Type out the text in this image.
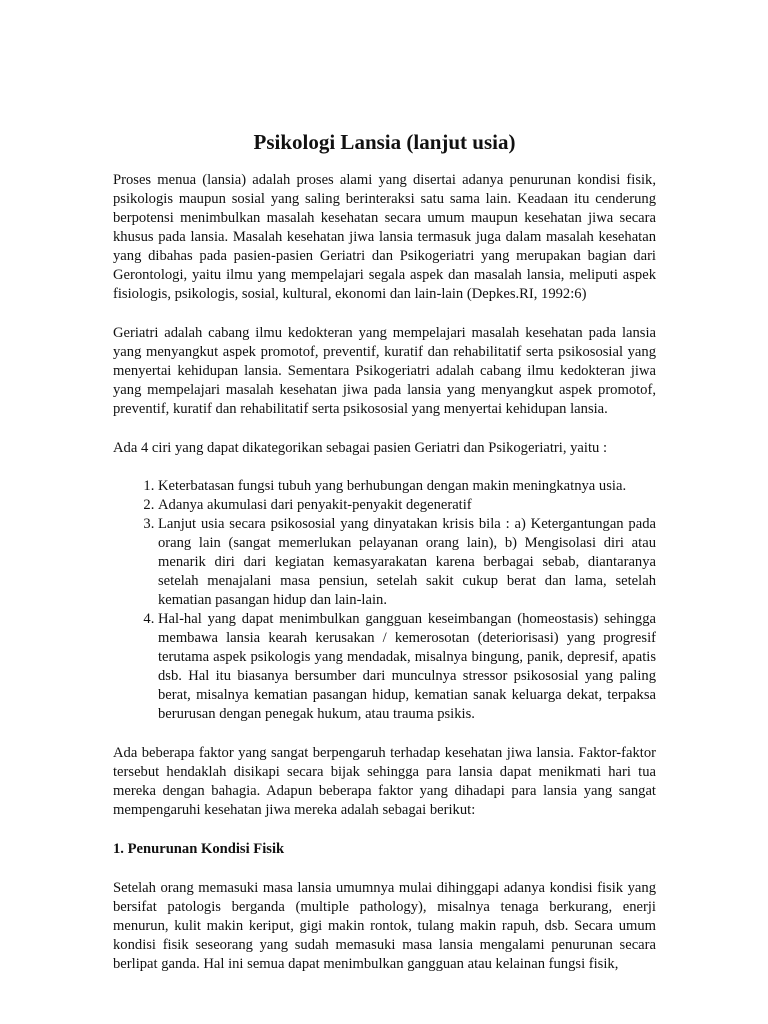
Psikologi Lansia (lanjut usia)

Proses menua (lansia) adalah proses alami yang disertai adanya penurunan kondisi fisik, psikologis maupun sosial yang saling berinteraksi satu sama lain. Keadaan itu cenderung berpotensi menimbulkan masalah kesehatan secara umum maupun kesehatan jiwa secara khusus pada lansia. Masalah kesehatan jiwa lansia termasuk juga dalam masalah kesehatan yang dibahas pada pasien-pasien Geriatri dan Psikogeriatri yang merupakan bagian dari Gerontologi, yaitu ilmu yang mempelajari segala aspek dan masalah lansia, meliputi aspek fisiologis, psikologis, sosial, kultural, ekonomi dan lain-lain (Depkes.RI, 1992:6)

Geriatri adalah cabang ilmu kedokteran yang mempelajari masalah kesehatan pada lansia yang menyangkut aspek promotof, preventif, kuratif dan rehabilitatif serta psikososial yang menyertai kehidupan lansia. Sementara Psikogeriatri adalah cabang ilmu kedokteran jiwa yang mempelajari masalah kesehatan jiwa pada lansia yang menyangkut aspek promotof, preventif, kuratif dan rehabilitatif serta psikososial yang menyertai kehidupan lansia.

Ada 4 ciri yang dapat dikategorikan sebagai pasien Geriatri dan Psikogeriatri, yaitu :

1. Keterbatasan fungsi tubuh yang berhubungan dengan makin meningkatnya usia.
2. Adanya akumulasi dari penyakit-penyakit degeneratif
3. Lanjut usia secara psikososial yang dinyatakan krisis bila : a) Ketergantungan pada orang lain (sangat memerlukan pelayanan orang lain), b) Mengisolasi diri atau menarik diri dari kegiatan kemasyarakatan karena berbagai sebab, diantaranya setelah menajalani masa pensiun, setelah sakit cukup berat dan lama, setelah kematian pasangan hidup dan lain-lain.
4. Hal-hal yang dapat menimbulkan gangguan keseimbangan (homeostasis) sehingga membawa lansia kearah kerusakan / kemerosotan (deteriorisasi) yang progresif terutama aspek psikologis yang mendadak, misalnya bingung, panik, depresif, apatis dsb. Hal itu biasanya bersumber dari munculnya stressor psikososial yang paling berat, misalnya kematian pasangan hidup, kematian sanak keluarga dekat, terpaksa berurusan dengan penegak hukum, atau trauma psikis.

Ada beberapa faktor yang sangat berpengaruh terhadap kesehatan jiwa lansia. Faktor-faktor tersebut hendaklah disikapi secara bijak sehingga para lansia dapat menikmati hari tua mereka dengan bahagia. Adapun beberapa faktor yang dihadapi para lansia yang sangat mempengaruhi kesehatan jiwa mereka adalah sebagai berikut:

1. Penurunan Kondisi Fisik

Setelah orang memasuki masa lansia umumnya mulai dihinggapi adanya kondisi fisik yang bersifat patologis berganda (multiple pathology), misalnya tenaga berkurang, enerji menurun, kulit makin keriput, gigi makin rontok, tulang makin rapuh, dsb. Secara umum kondisi fisik seseorang yang sudah memasuki masa lansia mengalami penurunan secara berlipat ganda. Hal ini semua dapat menimbulkan gangguan atau kelainan fungsi fisik,
